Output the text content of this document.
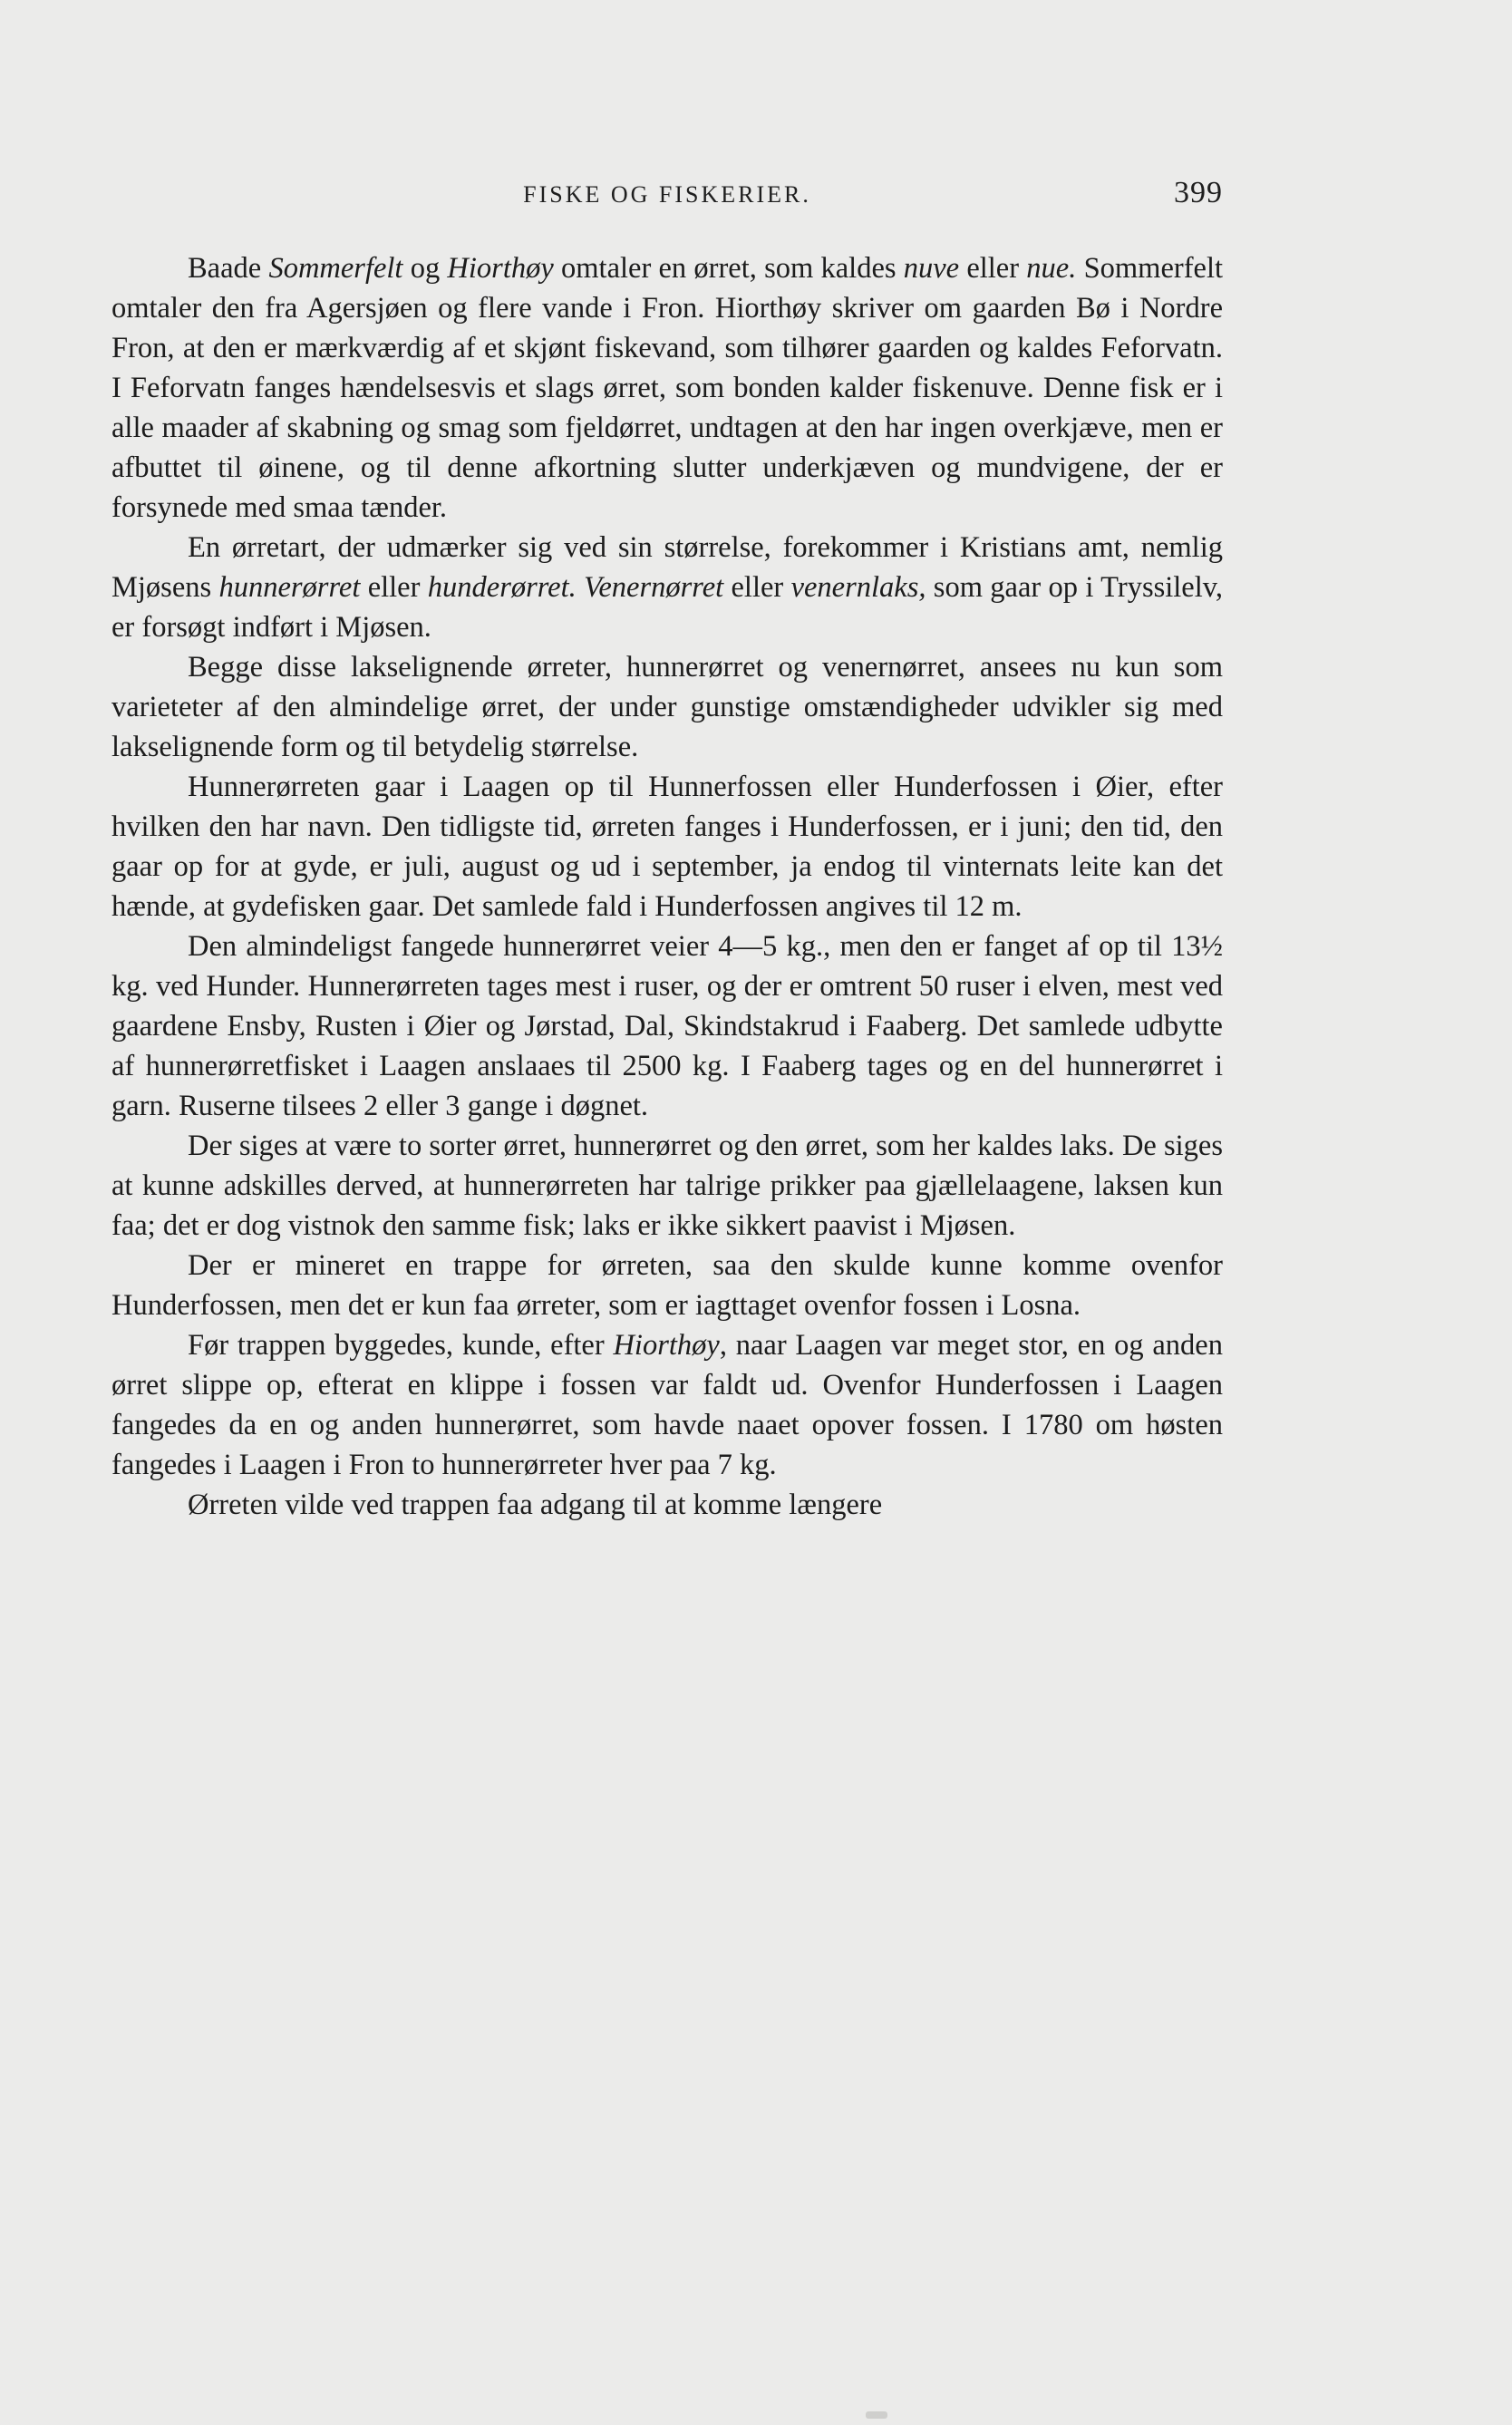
FISKE OG FISKERIER.	399

Baade Sommerfelt og Hiorthøy omtaler en ørret, som kaldes nuve eller nue. Sommerfelt omtaler den fra Agersjøen og flere vande i Fron. Hiorthøy skriver om gaarden Bø i Nordre Fron, at den er mærkværdig af et skjønt fiskevand, som tilhører gaarden og kaldes Feforvatn. I Feforvatn fanges hændelsesvis et slags ørret, som bonden kalder fiskenuve. Denne fisk er i alle maader af skabning og smag som fjeldørret, undtagen at den har ingen overkjæve, men er afbuttet til øinene, og til denne afkortning slutter underkjæven og mundvigene, der er forsynede med smaa tænder.

En ørretart, der udmærker sig ved sin størrelse, forekommer i Kristians amt, nemlig Mjøsens hunnerørret eller hunderørret. Venernørret eller venernlaks, som gaar op i Tryssilelv, er forsøgt indført i Mjøsen.

Begge disse lakselignende ørreter, hunnerørret og venernørret, ansees nu kun som varieteter af den almindelige ørret, der under gunstige omstændigheder udvikler sig med lakselignende form og til betydelig størrelse.

Hunnerørreten gaar i Laagen op til Hunnerfossen eller Hunderfossen i Øier, efter hvilken den har navn. Den tidligste tid, ørreten fanges i Hunderfossen, er i juni; den tid, den gaar op for at gyde, er juli, august og ud i september, ja endog til vinternats leite kan det hænde, at gydefisken gaar. Det samlede fald i Hunderfossen angives til 12 m.

Den almindeligst fangede hunnerørret veier 4—5 kg., men den er fanget af op til 13½ kg. ved Hunder. Hunnerørreten tages mest i ruser, og der er omtrent 50 ruser i elven, mest ved gaardene Ensby, Rusten i Øier og Jørstad, Dal, Skindstakrud i Faaberg. Det samlede udbytte af hunnerørretfisket i Laagen anslaaes til 2500 kg. I Faaberg tages og en del hunnerørret i garn. Ruserne tilsees 2 eller 3 gange i døgnet.

Der siges at være to sorter ørret, hunnerørret og den ørret, som her kaldes laks. De siges at kunne adskilles derved, at hunnerørreten har talrige prikker paa gjællelaagene, laksen kun faa; det er dog vistnok den samme fisk; laks er ikke sikkert paavist i Mjøsen.

Der er mineret en trappe for ørreten, saa den skulde kunne komme ovenfor Hunderfossen, men det er kun faa ørreter, som er iagttaget ovenfor fossen i Losna.

Før trappen byggedes, kunde, efter Hiorthøy, naar Laagen var meget stor, en og anden ørret slippe op, efterat en klippe i fossen var faldt ud. Ovenfor Hunderfossen i Laagen fangedes da en og anden hunnerørret, som havde naaet opover fossen. I 1780 om høsten fangedes i Laagen i Fron to hunnerørreter hver paa 7 kg.

Ørreten vilde ved trappen faa adgang til at komme længere
